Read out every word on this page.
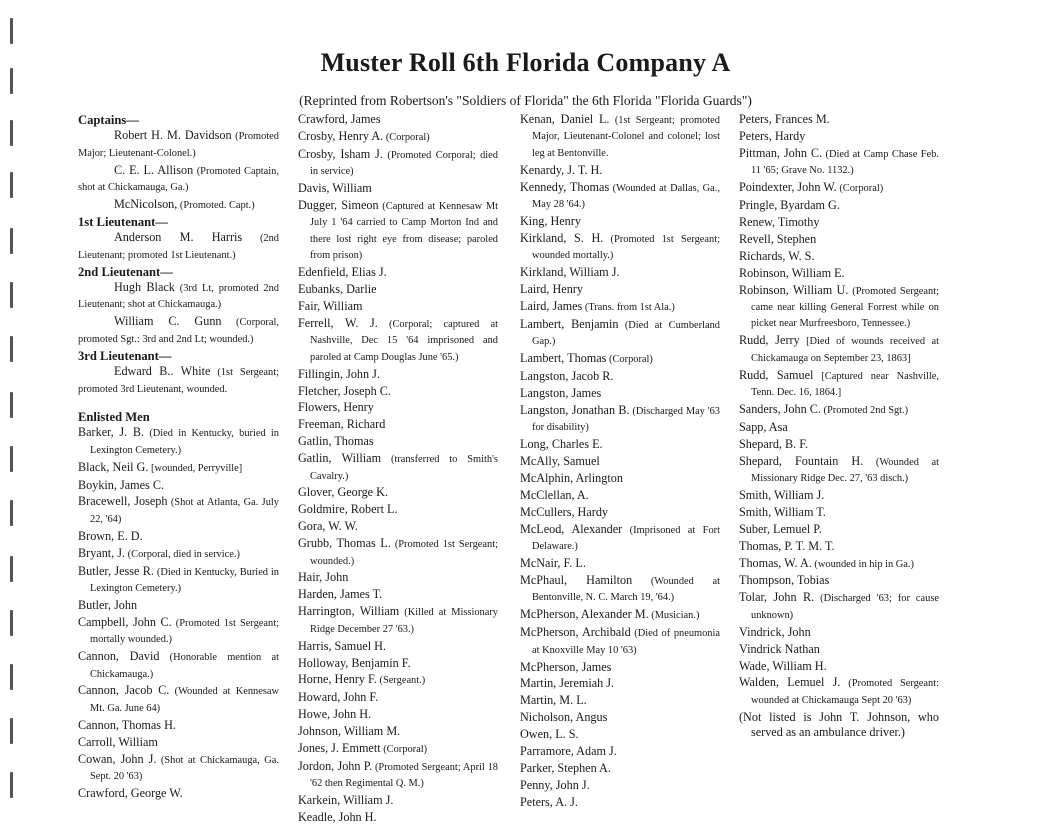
Muster Roll 6th Florida Company A
(Reprinted from Robertson's "Soldiers of Florida" the 6th Florida "Florida Guards")
Captains—
Robert H. M. Davidson (Promoted Major; Lieutenant-Colonel.)
C. E. L. Allison (Promoted Captain, shot at Chickamauga, Ga.)
McNicolson, (Promoted. Capt.)
1st Lieutenant—
Anderson M. Harris (2nd Lieutenant; promoted 1st Lieutenant.)
2nd Lieutenant—
Hugh Black (3rd Lt, promoted 2nd Lieutenant; shot at Chickamauga.)
William C. Gunn (Corporal, promoted Sgt.: 3rd and 2nd Lt; wounded.)
3rd Lieutenant—
Edward B.. White (1st Sergeant; promoted 3rd Lieutenant, wounded.
Enlisted Men
Barker, J. B. (Died in Kentucky, buried in Lexington Cemetery.)
Black, Neil G. [wounded, Perryville]
Boykin, James C.
Bracewell, Joseph (Shot at Atlanta, Ga. July 22, '64)
Brown, E. D.
Bryant, J. (Corporal, died in service.)
Butler, Jesse R. (Died in Kentucky, Buried in Lexington Cemetery.)
Butler, John
Campbell, John C. (Promoted 1st Sergeant; mortally wounded.)
Cannon, David (Honorable mention at Chickamauga.)
Cannon, Jacob C. (Wounded at Kennesaw Mt. Ga. June 64)
Cannon, Thomas H.
Carroll, William
Cowan, John J. (Shot at Chickamauga, Ga. Sept. 20 '63)
Crawford, George W.
Crawford, James
Crosby, Henry A. (Corporal)
Crosby, Isham J. (Promoted Corporal; died in service)
Davis, William
Dugger, Simeon (Captured at Kennesaw Mt July 1 '64 carried to Camp Morton Ind and there lost right eye from disease; paroled from prison)
Edenfield, Elias J.
Eubanks, Darlie
Fair, William
Ferrell, W. J. (Corporal; captured at Nashville, Dec 15 '64 imprisoned and paroled at Camp Douglas June '65.)
Fillingin, John J.
Fletcher, Joseph C.
Flowers, Henry
Freeman, Richard
Gatlin, Thomas
Gatlin, William (transferred to Smith's Cavalry.)
Glover, George K.
Goldmire, Robert L.
Gora, W. W.
Grubb, Thomas L. (Promoted 1st Sergeant; wounded.)
Hair, John
Harden, James T.
Harrington, William (Killed at Missionary Ridge December 27 '63.)
Harris, Samuel H.
Holloway, Benjamin F.
Horne, Henry F. (Sergeant.)
Howard, John F.
Howe, John H.
Johnson, William M.
Jones, J. Emmett (Corporal)
Jordon, John P. (Promoted Sergeant; April 18 '62 then Regimental Q. M.)
Karkein, William J.
Keadle, John H.
Kenan, Daniel L. (1st Sergeant; promoted Major, Lieutenant-Colonel and colonel; lost leg at Bentonville.
Kenardy, J. T. H.
Kennedy, Thomas (Wounded at Dallas, Ga., May 28 '64.)
King, Henry
Kirkland, S. H. (Promoted 1st Sergeant; wounded mortally.)
Kirkland, William J.
Laird, Henry
Laird, James (Trans. from 1st Ala.)
Lambert, Benjamin (Died at Cumberland Gap.)
Lambert, Thomas (Corporal)
Langston, Jacob R.
Langston, James
Langston, Jonathan B. (Discharged May '63 for disability)
Long, Charles E.
McAlly, Samuel
McAlphin, Arlington
McClellan, A.
McCullers, Hardy
McLeod, Alexander (Imprisoned at Fort Delaware.)
McNair, F. L.
McPhaul, Hamilton (Wounded at Bentonville, N. C. March 19, '64.)
McPherson, Alexander M. (Musician.)
McPherson, Archibald (Died of pneumonia at Knoxville May 10 '63)
McPherson, James
Martin, Jeremiah J.
Martin, M. L.
Nicholson, Angus
Owen, L. S.
Parramore, Adam J.
Parker, Stephen A.
Penny, John J.
Peters, A. J.
Peters, Frances M.
Peters, Hardy
Pittman, John C. (Died at Camp Chase Feb. 11 '65; Grave No. 1132.)
Poindexter, John W. (Corporal)
Pringle, Byardam G.
Renew, Timothy
Revell, Stephen
Richards, W. S.
Robinson, William E.
Robinson, William U. (Promoted Sergeant; came near killing General Forrest while on picket near Murfreesboro, Tennessee.)
Rudd, Jerry [Died of wounds received at Chickamauga on September 23, 1863]
Rudd, Samuel [Captured near Nashville, Tenn. Dec. 16, 1864.]
Sanders, John C. (Promoted 2nd Sgt.)
Sapp, Asa
Shepard, B. F.
Shepard, Fountain H. (Wounded at Missionary Ridge Dec. 27, '63 disch.)
Smith, William J.
Smith, William T.
Suber, Lemuel P.
Thomas, P. T. M. T.
Thomas, W. A. (wounded in hip in Ga.)
Thompson, Tobias
Tolar, John R. (Discharged '63; for cause unknown)
Vindrick, John
Vindrick Nathan
Wade, William H.
Walden, Lemuel J. (Promoted Sergeant: wounded at Chickamauga Sept 20 '63)
(Not listed is John T. Johnson, who served as an ambulance driver.)
